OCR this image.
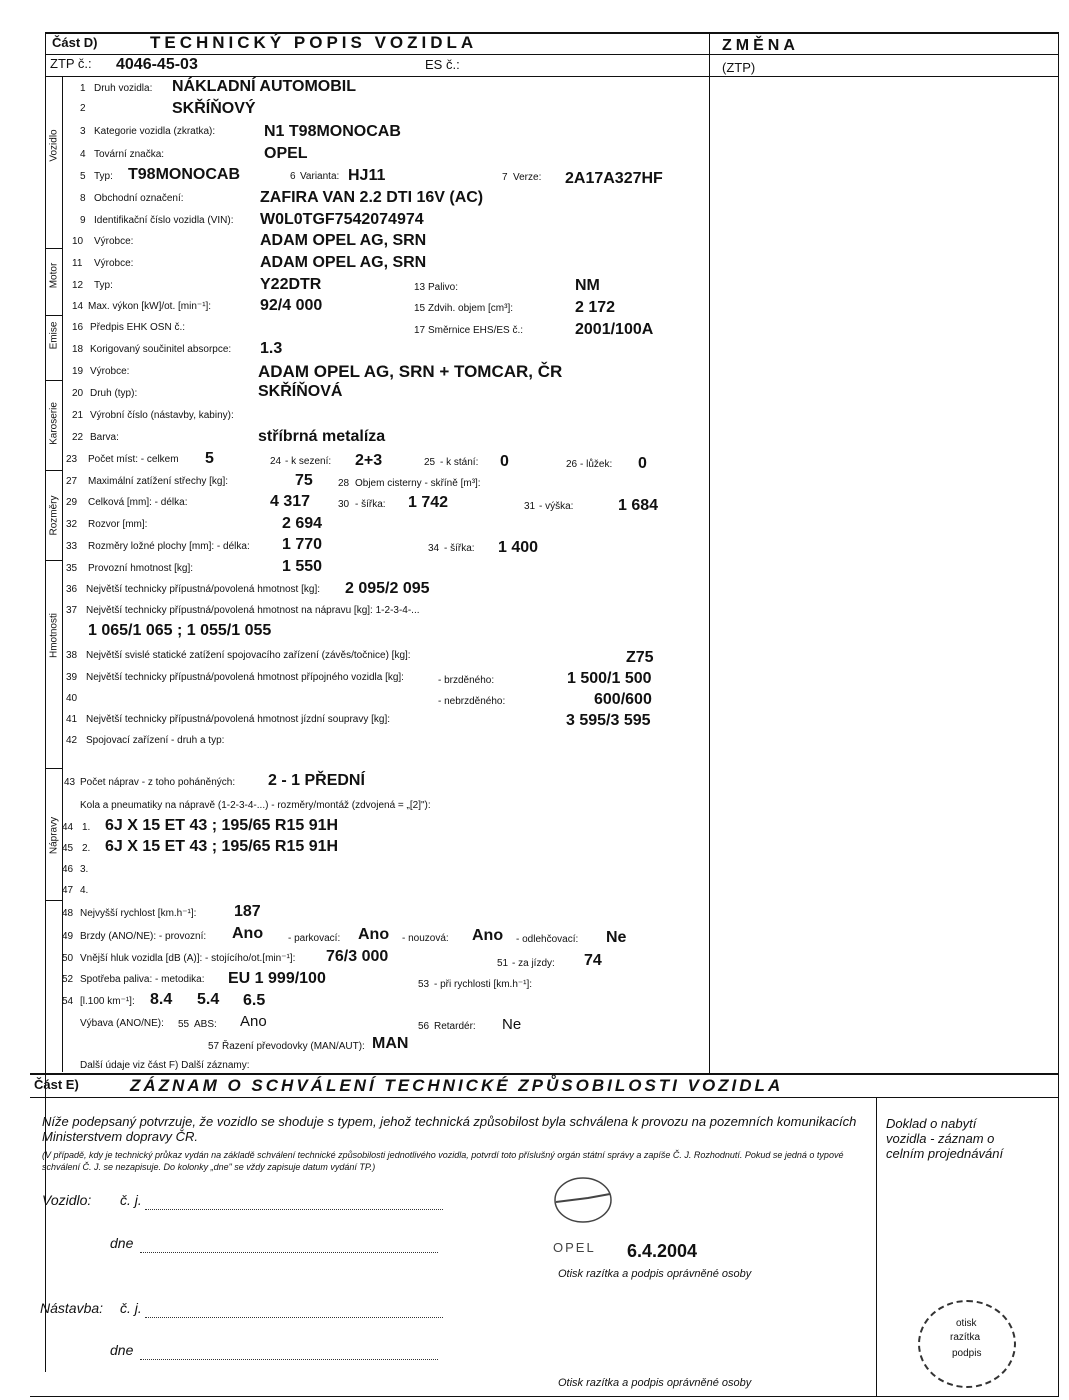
Část D)	TECHNICKÝ POPIS VOZIDLA	ZMĚNA
ZTP č.: 4046-45-03	ES č.:	(ZTP)
Vozidlo
Motor
Emise
Karoserie
Rozměry
Hmotnosti
Nápravy
1 Druh vozidla: NÁKLADNÍ AUTOMOBIL
2	SKŘÍŇOVÝ
3 Kategorie vozidla (zkratka):	N1 T98MONOCAB
4 Tovární značka:	OPEL
5 Typ: T98MONOCAB	6 Varianta: HJ11	7 Verze: 2A17A327HF
8 Obchodní označení:	ZAFIRA VAN 2.2 DTI 16V (AC)
9 Identifikační číslo vozidla (VIN): W0L0TGF7542074974
10 Výrobce:	ADAM OPEL AG, SRN
11 Výrobce:	ADAM OPEL AG, SRN
12 Typ:	Y22DTR	13 Palivo:	NM
14 Max. výkon [kW]/ot. [min⁻¹]:	92/4 000	15 Zdvih. objem [cm³]:	2 172
16 Předpis EHK OSN č.:	17 Směrnice EHS/ES č.:	2001/100A
18 Korigovaný součinitel absorpce: 1.3
19 Výrobce:	ADAM OPEL AG, SRN + TOMCAR, ČR
20 Druh (typ):	SKŘÍŇOVÁ
21 Výrobní číslo (nástavby, kabiny):
22 Barva:	stříbrná metalíza
23 Počet míst: - celkem 5	24 - k sezení: 2+3	25 - k stání: 0	26 - lůžek: 0
27 Maximální zatížení střechy [kg]:	75	28 Objem cisterny - skříně [m³]:
29 Celková [mm]: - délka:	4 317	30 - šířka: 1 742	31 - výška:	1 684
32 Rozvor [mm]:	2 694
33 Rozměry ložné plochy [mm]: - délka: 1 770	34 - šířka: 1 400
35 Provozní hmotnost [kg]:	1 550
36 Největší technicky přípustná/povolená hmotnost [kg]: 2 095/2 095
37 Největší technicky přípustná/povolená hmotnost na nápravu [kg]: 1-2-3-4-...
1 065/1 065 ; 1 055/1 055
38 Největší svislé statické zatížení spojovacího zařízení (závěs/točnice) [kg]:	Z75
39 Největší technicky přípustná/povolená hmotnost přípojného vozidla [kg]:	- brzděného:	1 500/1 500
40	- nebrzděného:	600/600
41 Největší technicky přípustná/povolená hmotnost jízdní soupravy [kg]:	3 595/3 595
42 Spojovací zařízení - druh a typ:
43 Počet náprav - z toho poháněných: 2 - 1 PŘEDNÍ
Kola a pneumatiky na nápravě (1-2-3-4-...) - rozměry/montáž (zdvojená = „[2]"):
44 1. 6J X 15 ET 43 ; 195/65 R15 91H
45 2. 6J X 15 ET 43 ; 195/65 R15 91H
46 3.
47 4.
48 Nejvyšší rychlost [km.h⁻¹]: 187
49 Brzdy (ANO/NE): - provozní: Ano - parkovací: Ano - nouzová: Ano - odlehčovací: Ne
50 Vnější hluk vozidla [dB (A)]: - stojícího/ot.[min⁻¹]: 76/3 000	51 - za jízdy: 74
52 Spotřeba paliva: - metodika: EU 1 999/100	53 - při rychlosti [km.h⁻¹]:
54 [l.100 km⁻¹]: 8.4 5.4 6.5
Výbava (ANO/NE): 55 ABS: Ano	56 Retardér: Ne
57 Řazení převodovky (MAN/AUT): MAN
Další údaje viz část F) Další záznamy:
Část E)	ZÁZNAM O SCHVÁLENÍ TECHNICKÉ ZPŮSOBILOSTI VOZIDLA
Níže podepsaný potvrzuje, že vozidlo se shoduje s typem, jehož technická způsobilost byla schválena k provozu na pozemních komunikacích Ministerstvem dopravy ČR.
(V případě, kdy je technický průkaz vydán na základě schválení technické způsobilosti jednotlivého vozidla, potvrdí toto příslušný orgán státní správy a zapíše Č. J. Rozhodnutí. Pokud se jedná o typové schválení Č. J. se nezapisuje. Do kolonky „dne" se vždy zapisuje datum vydání TP.)
Doklad o nabytí vozidla - záznam o celním projednávání
Vozidlo: č. j.
dne	OPEL 6.4.2004
Otisk razítka a podpis oprávněné osoby
Nástavba: č. j.
dne
Otisk razítka a podpis oprávněné osoby
otisk
razítka
podpis
